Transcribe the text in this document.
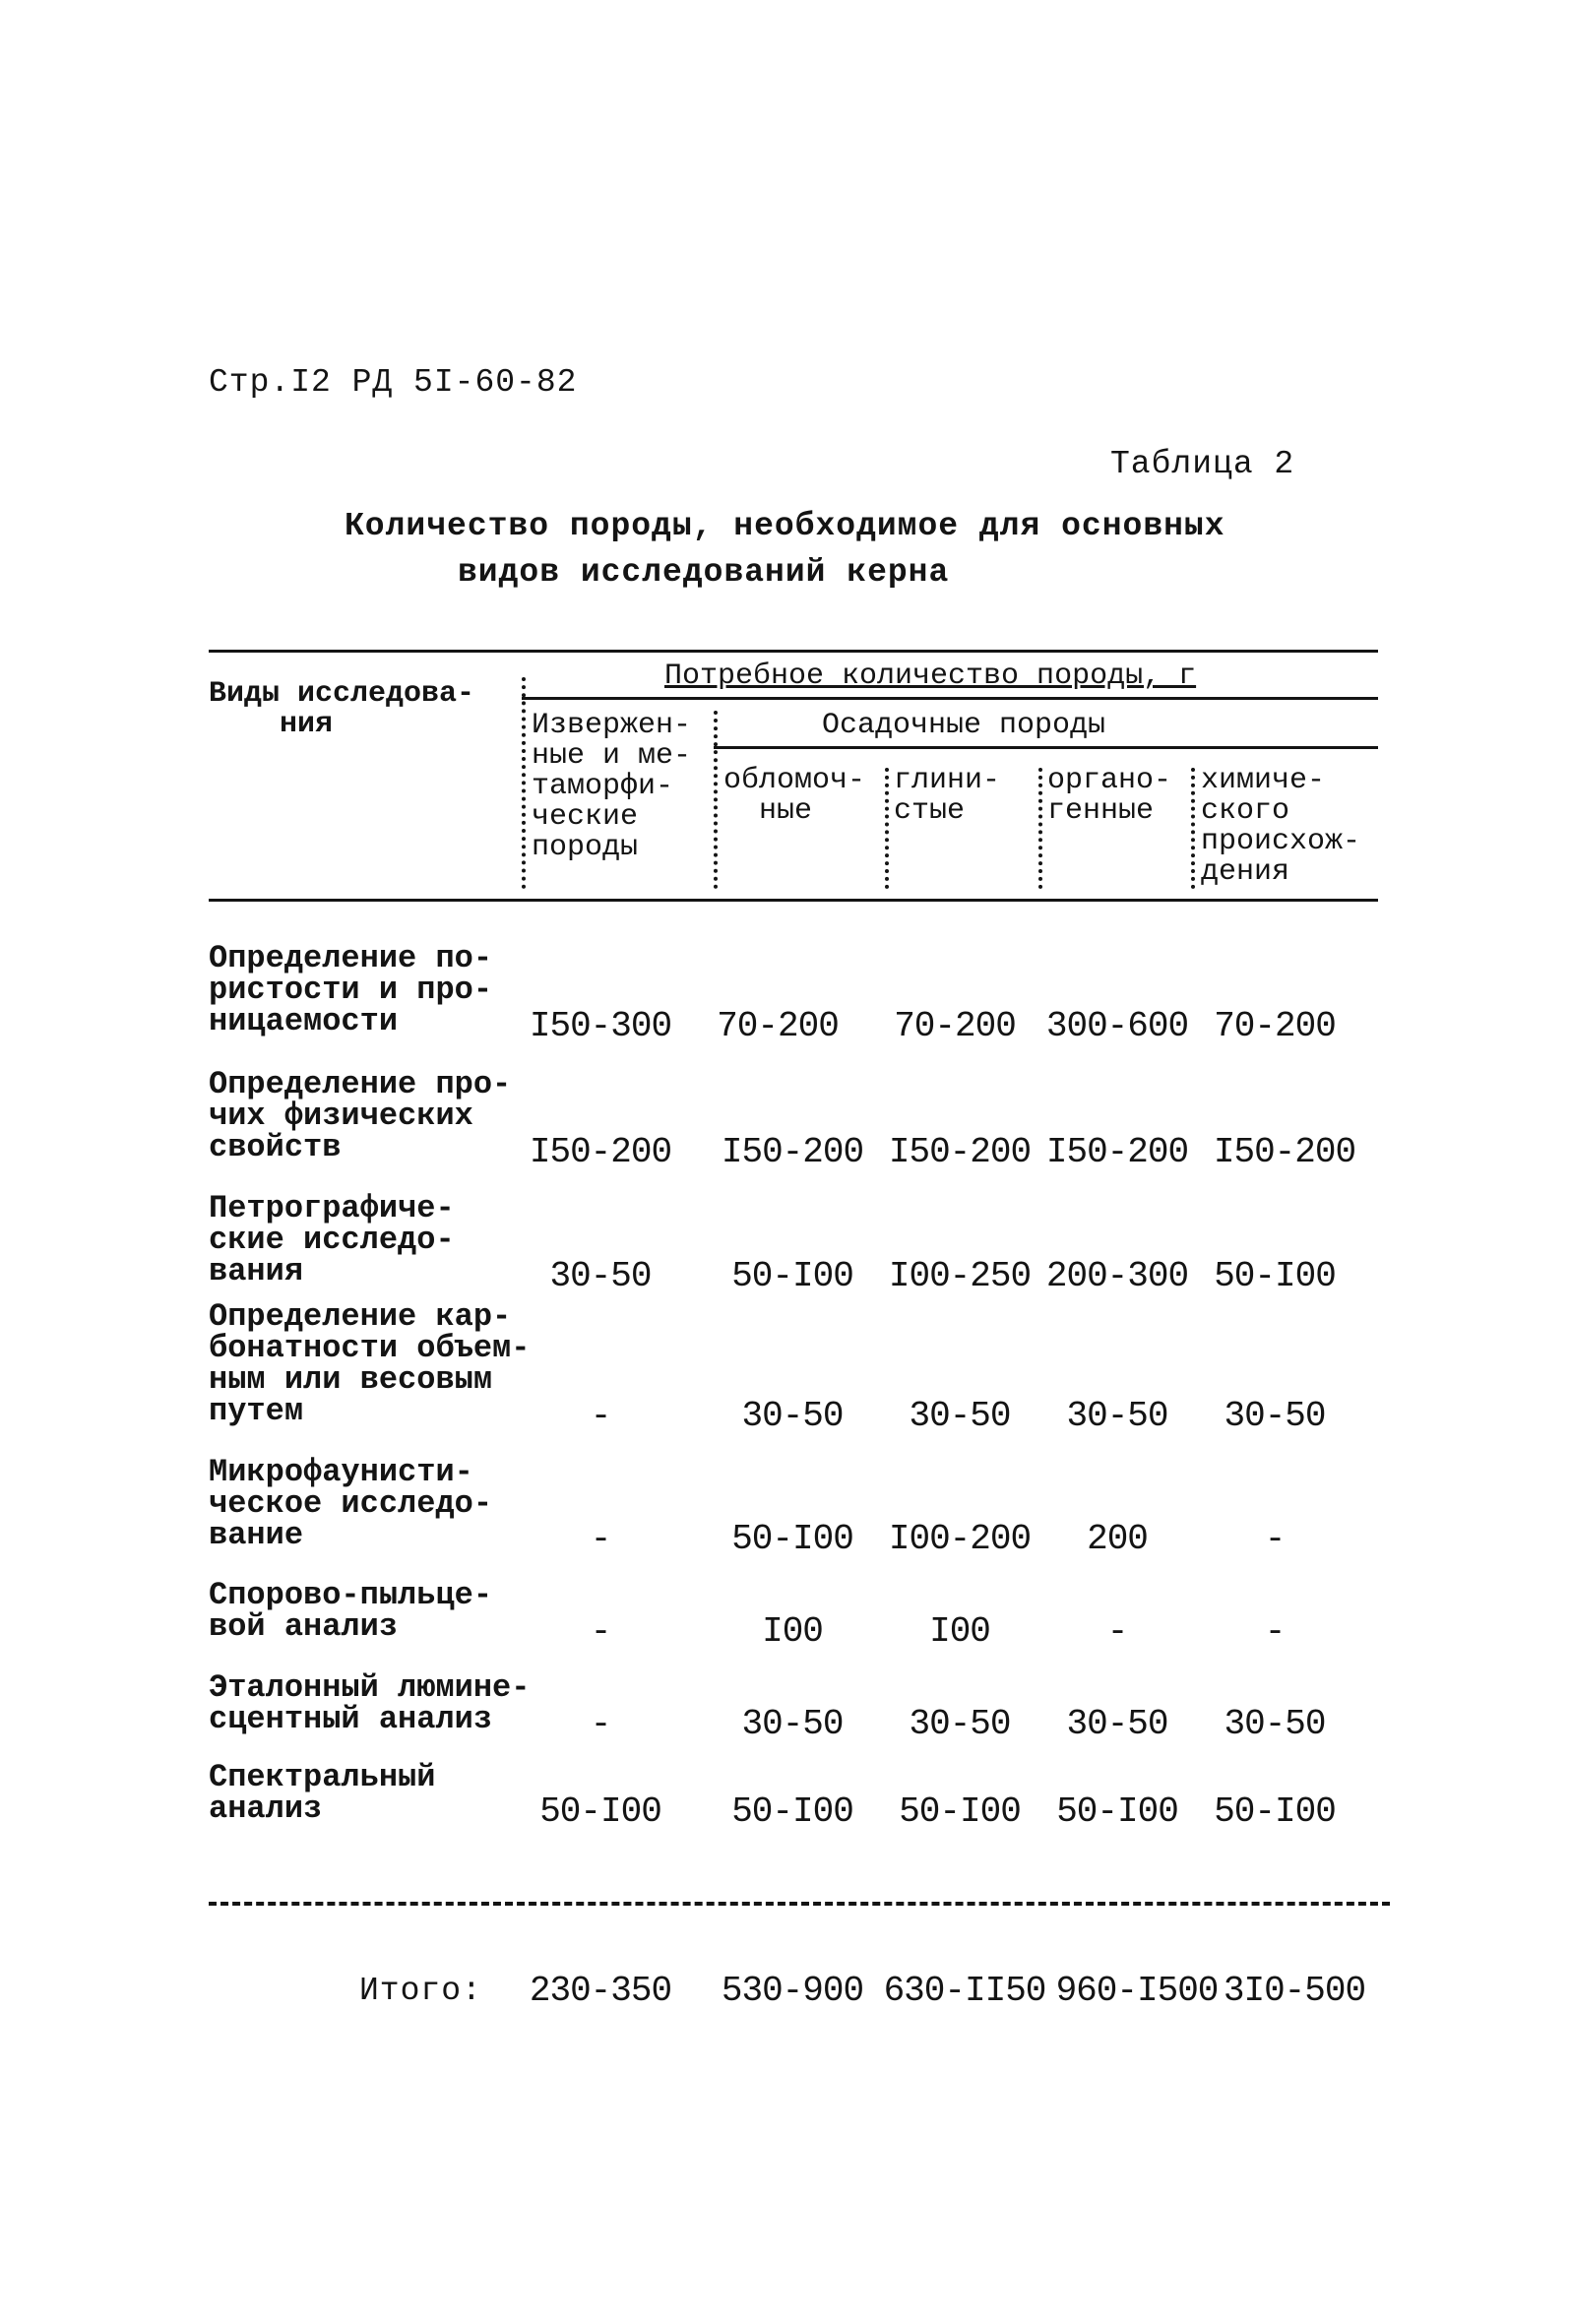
Стр.I2 РД 5I-60-82
Таблица 2
Количество породы, необходимое для основных
видов исследований керна
Виды исследова-
ния
Потребное количество породы, г
Извержен-
ные и ме-
таморфи-
ческие
породы
Осадочные породы
обломоч-
ные
глини-
стые
органо-
генные
химиче-
ского
происхож-
дения
Определение по-
ристости и про-
ницаемости	I50-300	70-200	70-200 300-600 70-200
Определение про-
чих физических
свойств	I50-200	I50-200 I50-200 I50-200 I50-200
Петрографиче-
ские исследо-
вания	30-50	50-I00	I00-250 200-300 50-I00
Определение кар-
бонатности объем-
ным или весовым
путем	-	30-50	30-50	30-50	30-50
Микрофаунисти-
ческое исследо-
вание	-	50-I00	I00-200	200	-
Спорово-пыльце-
вой анализ	-	I00	I00	-	-
Эталонный люмине-
сцентный анализ	-	30-50	30-50	30-50	30-50
Спектральный
анализ	50-I00	50-I00	50-I00	50-I00	50-I00
Итого:	230-350	530-900 630-II50 960-I500 3I0-500
